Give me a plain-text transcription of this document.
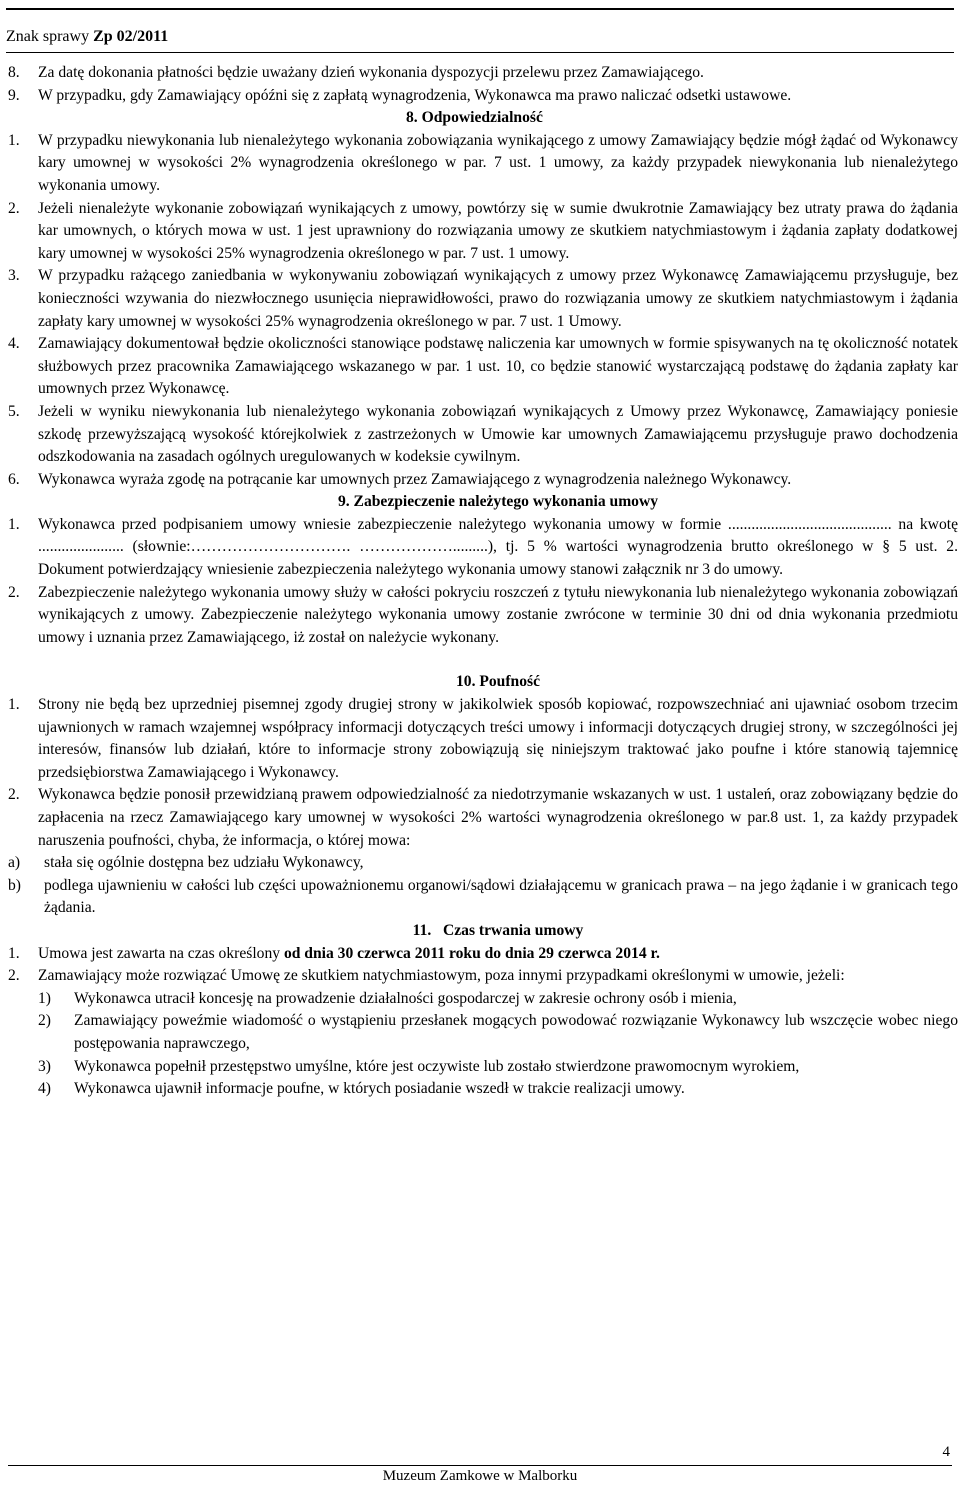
Znak sprawy Zp 02/2011
8. Za datę dokonania płatności będzie uważany dzień wykonania dyspozycji przelewu przez Zamawiającego.
9. W przypadku, gdy Zamawiający opóźni się z zapłatą wynagrodzenia, Wykonawca ma prawo naliczać odsetki ustawowe.
8. Odpowiedzialność
1. W przypadku niewykonania lub nienależytego wykonania zobowiązania wynikającego z umowy Zamawiający będzie mógł żądać od Wykonawcy kary umownej w wysokości 2% wynagrodzenia określonego w par. 7 ust. 1 umowy, za każdy przypadek niewykonania lub nienależytego wykonania umowy.
2. Jeżeli nienależyte wykonanie zobowiązań wynikających z umowy, powtórzy się w sumie dwukrotnie Zamawiający bez utraty prawa do żądania kar umownych, o których mowa w ust. 1 jest uprawniony do rozwiązania umowy ze skutkiem natychmiastowym i żądania zapłaty dodatkowej kary umownej w wysokości 25% wynagrodzenia określonego w par. 7 ust. 1 umowy.
3. W przypadku rażącego zaniedbania w wykonywaniu zobowiązań wynikających z umowy przez Wykonawcę Zamawiającemu przysługuje, bez konieczności wzywania do niezwłocznego usunięcia nieprawidłowości, prawo do rozwiązania umowy ze skutkiem natychmiastowym i żądania zapłaty kary umownej w wysokości 25% wynagrodzenia określonego w par. 7 ust. 1 Umowy.
4. Zamawiający dokumentował będzie okoliczności stanowiące podstawę naliczenia kar umownych w formie spisywanych na tę okoliczność notatek służbowych przez pracownika Zamawiającego wskazanego w par. 1 ust. 10, co będzie stanowić wystarczającą podstawę do żądania zapłaty kar umownych przez Wykonawcę.
5. Jeżeli w wyniku niewykonania lub nienależytego wykonania zobowiązań wynikających z Umowy przez Wykonawcę, Zamawiający poniesie szkodę przewyższającą wysokość którejkolwiek z zastrzeżonych w Umowie kar umownych Zamawiającemu przysługuje prawo dochodzenia odszkodowania na zasadach ogólnych uregulowanych w kodeksie cywilnym.
6. Wykonawca wyraża zgodę na potrącanie kar umownych przez Zamawiającego z wynagrodzenia należnego Wykonawcy.
9. Zabezpieczenie należytego wykonania umowy
1. Wykonawca przed podpisaniem umowy wniesie zabezpieczenie należytego wykonania umowy w formie .......................................... na kwotę ...................... (słownie:…………………………. ……………….........), tj. 5 % wartości wynagrodzenia brutto określonego w § 5 ust. 2. Dokument potwierdzający wniesienie zabezpieczenia należytego wykonania umowy stanowi załącznik nr 3 do umowy.
2. Zabezpieczenie należytego wykonania umowy służy w całości pokryciu roszczeń z tytułu niewykonania lub nienależytego wykonania zobowiązań wynikających z umowy. Zabezpieczenie należytego wykonania umowy zostanie zwrócone w terminie 30 dni od dnia wykonania przedmiotu umowy i uznania przez Zamawiającego, iż został on należycie wykonany.
10. Poufność
1. Strony nie będą bez uprzedniej pisemnej zgody drugiej strony w jakikolwiek sposób kopiować, rozpowszechniać ani ujawniać osobom trzecim ujawnionych w ramach wzajemnej współpracy informacji dotyczących treści umowy i informacji dotyczących drugiej strony, w szczególności jej interesów, finansów lub działań, które to informacje strony zobowiązują się niniejszym traktować jako poufne i które stanowią tajemnicę przedsiębiorstwa Zamawiającego i Wykonawcy.
2. Wykonawca będzie ponosił przewidzianą prawem odpowiedzialność za niedotrzymanie wskazanych w ust. 1 ustaleń, oraz zobowiązany będzie do zapłacenia na rzecz Zamawiającego kary umownej w wysokości 2% wartości wynagrodzenia określonego w par.8 ust. 1, za każdy przypadek naruszenia poufności, chyba, że informacja, o której mowa:
a)	stała się ogólnie dostępna bez udziału Wykonawcy,
b)	podlega ujawnieniu w całości lub części upoważnionemu organowi/sądowi działającemu w granicach prawa – na jego żądanie i w granicach tego żądania.
11.   Czas trwania umowy
1. Umowa jest zawarta na czas określony od dnia 30 czerwca 2011 roku do dnia 29 czerwca 2014 r.
2. Zamawiający może rozwiązać Umowę ze skutkiem natychmiastowym, poza innymi przypadkami określonymi w umowie, jeżeli:
1) Wykonawca utracił koncesję na prowadzenie działalności gospodarczej w zakresie ochrony osób i mienia,
2) Zamawiający poweźmie wiadomość o wystąpieniu przesłanek mogących powodować rozwiązanie Wykonawcy lub wszczęcie wobec niego postępowania naprawczego,
3) Wykonawca popełnił przestępstwo umyślne, które jest oczywiste lub zostało stwierdzone prawomocnym wyrokiem,
4) Wykonawca ujawnił informacje poufne, w których posiadanie wszedł w trakcie realizacji umowy.
4
Muzeum Zamkowe w Malborku
